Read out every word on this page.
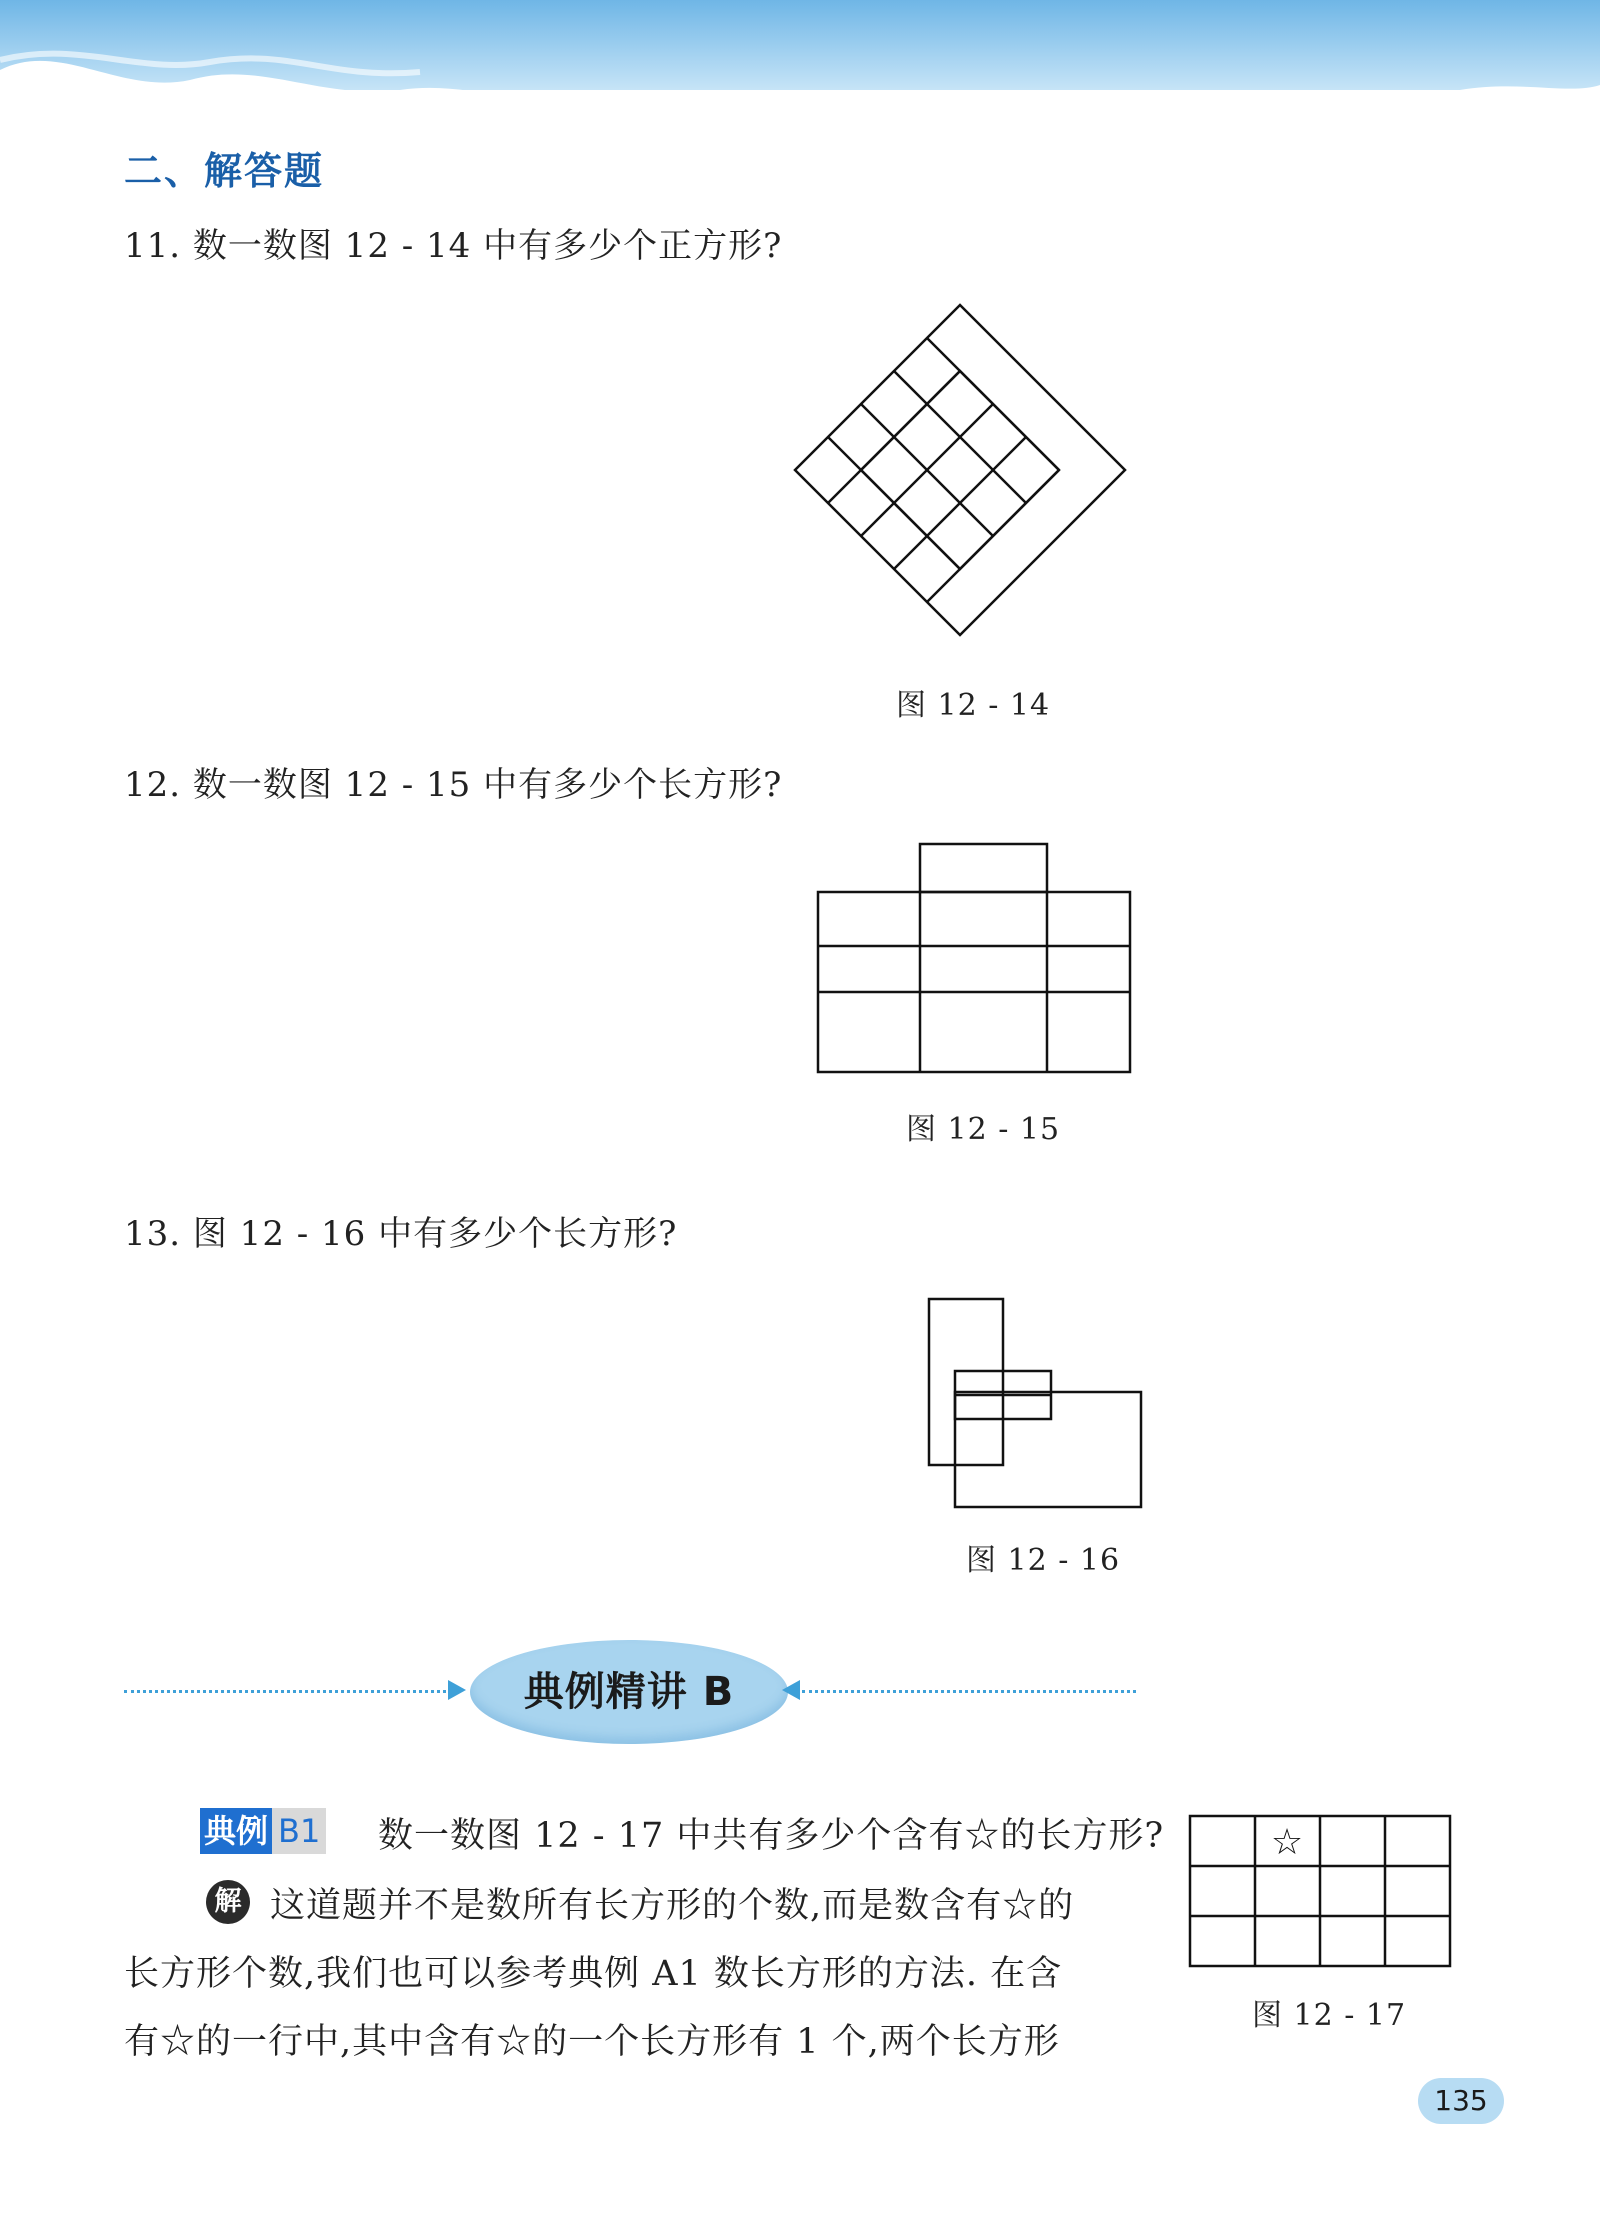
二、解答题
11. 数一数图 12 - 14 中有多少个正方形?
图 12 - 14
12. 数一数图 12 - 15 中有多少个长方形?
图 12 - 15
13. 图 12 - 16 中有多少个长方形?
图 12 - 16
典例精讲 B
典例 B1 数一数图 12 - 17 中共有多少个含有☆的长方形?
解 这道题并不是数所有长方形的个数,而是数含有☆的
长方形个数,我们也可以参考典例 A1 数长方形的方法. 在含
有☆的一行中,其中含有☆的一个长方形有 1 个,两个长方形
☆
图 12 - 17
135
